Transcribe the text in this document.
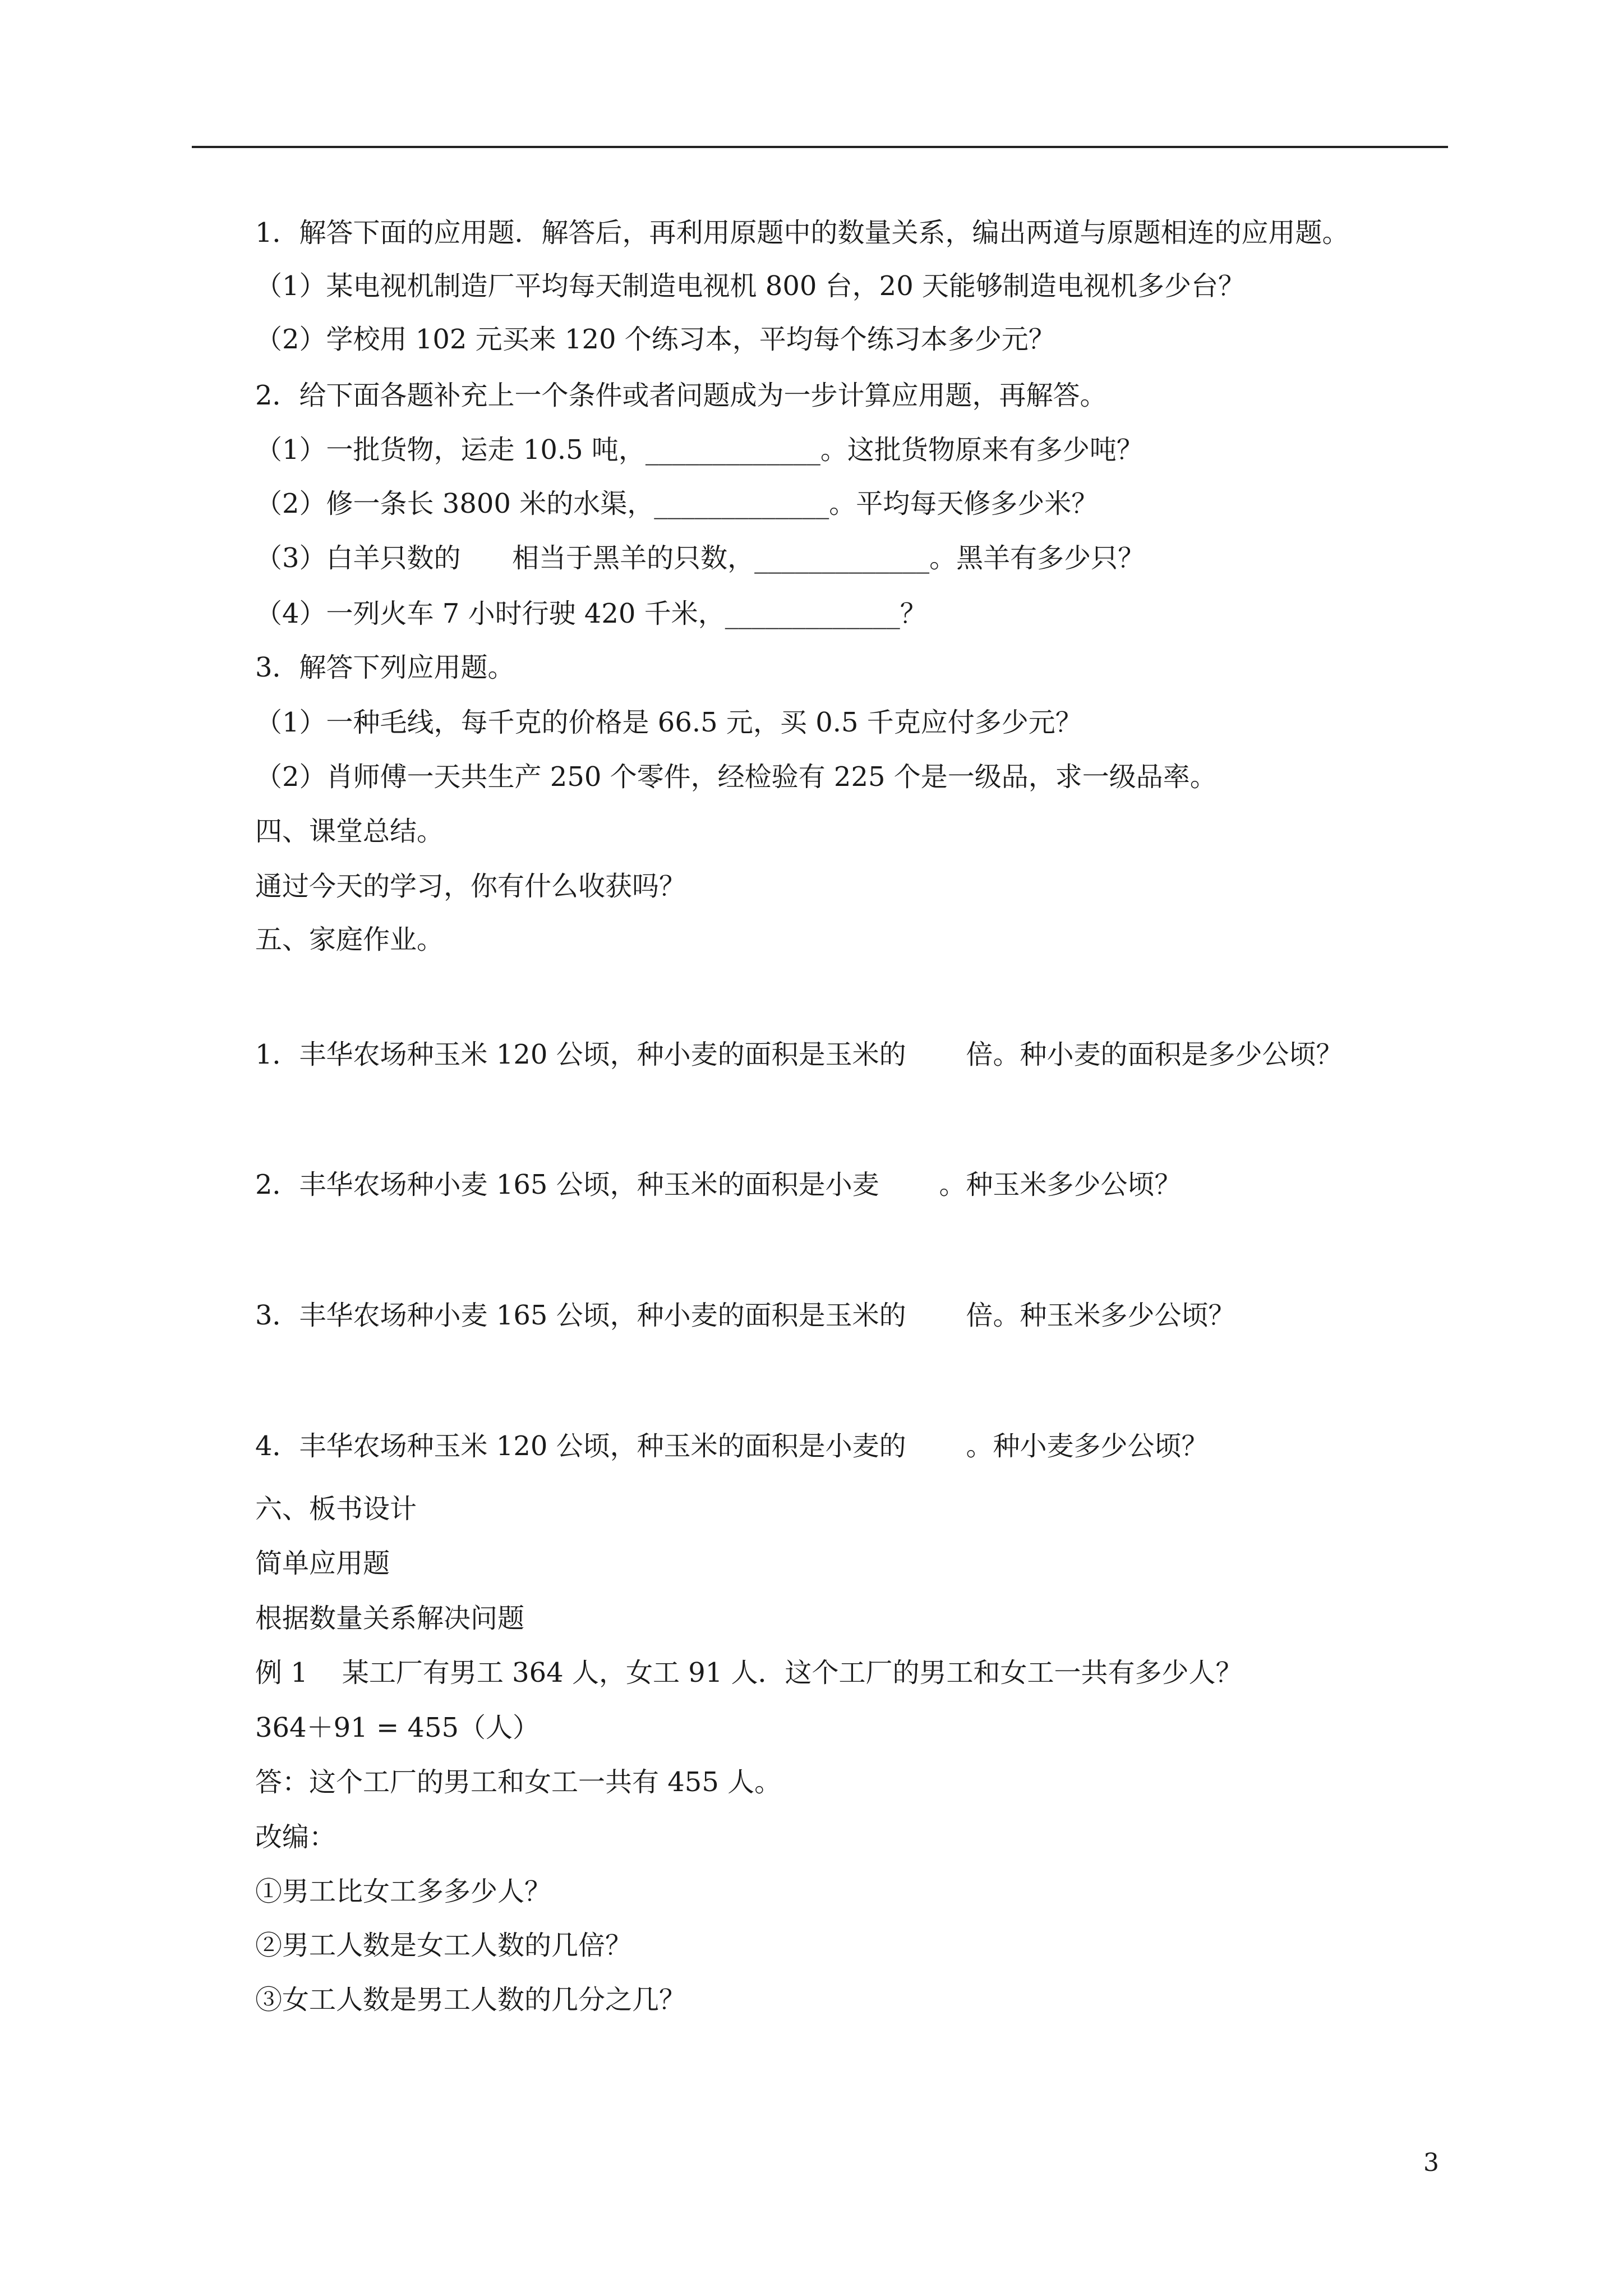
1．解答下面的应用题．解答后，再利用原题中的数量关系，编出两道与原题相连的应用题。
（1）某电视机制造厂平均每天制造电视机 800 台，20 天能够制造电视机多少台？
（2）学校用 102 元买来 120 个练习本，平均每个练习本多少元？
2．给下面各题补充上一个条件或者问题成为一步计算应用题，再解答。
（1）一批货物，运走 10.5 吨，_____________。这批货物原来有多少吨？
（2）修一条长 3800 米的水渠，_____________。平均每天修多少米？
（3）白羊只数的      相当于黑羊的只数，_____________。黑羊有多少只？
（4）一列火车 7 小时行驶 420 千米，_____________？
3．解答下列应用题。
（1）一种毛线，每千克的价格是 66.5 元，买 0.5 千克应付多少元？
（2）肖师傅一天共生产 250 个零件，经检验有 225 个是一级品，求一级品率。
四、课堂总结。
通过今天的学习，你有什么收获吗？
五、家庭作业。
1．丰华农场种玉米 120 公顷，种小麦的面积是玉米的       倍。种小麦的面积是多少公顷？
2．丰华农场种小麦 165 公顷，种玉米的面积是小麦       。种玉米多少公顷？
3．丰华农场种小麦 165 公顷，种小麦的面积是玉米的       倍。种玉米多少公顷？
4．丰华农场种玉米 120 公顷，种玉米的面积是小麦的       。种小麦多少公顷？
六、板书设计
简单应用题
根据数量关系解决问题
例 1    某工厂有男工 364 人，女工 91 人．这个工厂的男工和女工一共有多少人？
364＋91 = 455（人）
答：这个工厂的男工和女工一共有 455 人。
改编：
①男工比女工多多少人？
②男工人数是女工人数的几倍？
③女工人数是男工人数的几分之几？
3
